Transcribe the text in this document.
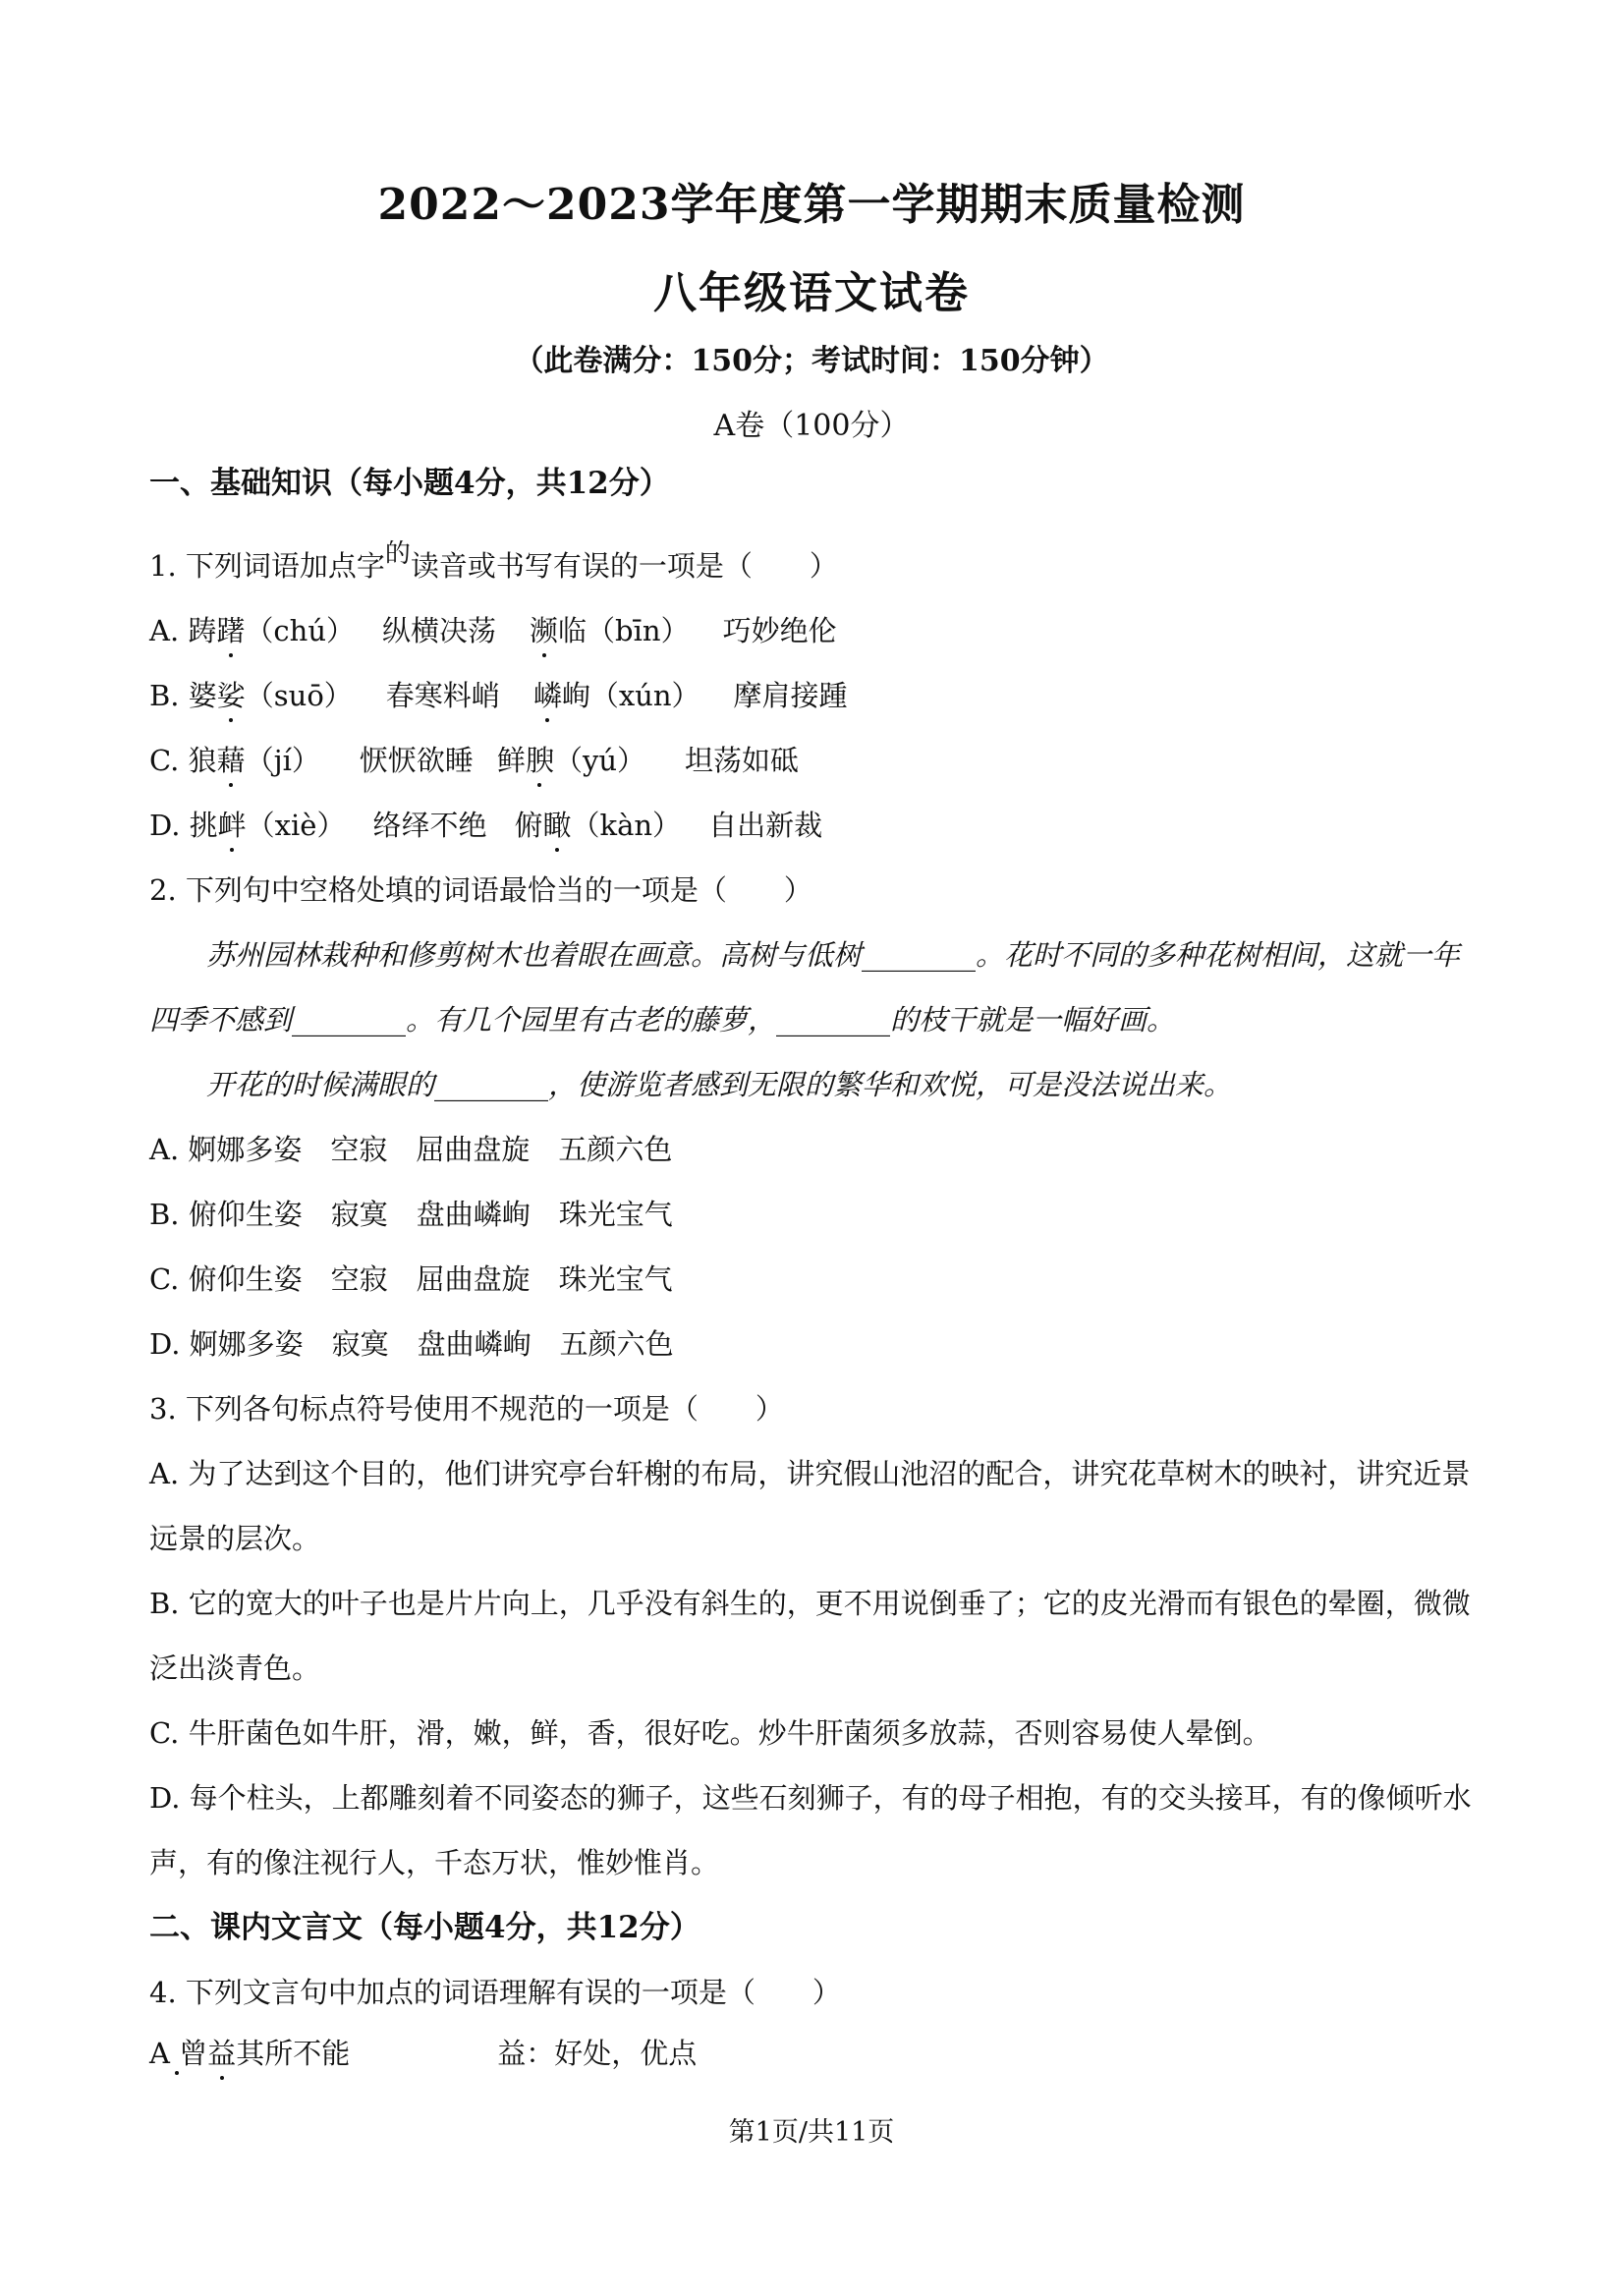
2022～2023学年度第一学期期末质量检测
八年级语文试卷
（此卷满分：150分；考试时间：150分钟）
A卷（100分）
一、基础知识（每小题4分，共12分）
1. 下列词语加点字的读音或书写有误的一项是（　　）
A. 踌躇（chú） 纵横决荡 濒临（bīn） 巧妙绝伦
B. 婆娑（suō） 春寒料峭 嶙峋（xún） 摩肩接踵
C. 狼藉（jí） 恹恹欲睡 鲜腴（yú） 坦荡如砥
D. 挑衅（xiè） 络绎不绝 俯瞰（kàn） 自出新裁
2. 下列句中空格处填的词语最恰当的一项是（　　）
苏州园林栽种和修剪树木也着眼在画意。高树与低树________。花时不同的多种花树相间，这就一年
四季不感到________。有几个园里有古老的藤萝，________的枝干就是一幅好画。
开花的时候满眼的________，使游览者感到无限的繁华和欢悦，可是没法说出来。
A. 婀娜多姿　空寂　屈曲盘旋　五颜六色
B. 俯仰生姿　寂寞　盘曲嶙峋　珠光宝气
C. 俯仰生姿　空寂　屈曲盘旋　珠光宝气
D. 婀娜多姿　寂寞　盘曲嶙峋　五颜六色
3. 下列各句标点符号使用不规范的一项是（　　）
A. 为了达到这个目的，他们讲究亭台轩榭的布局，讲究假山池沼的配合，讲究花草树木的映衬，讲究近景
远景的层次。
B. 它的宽大的叶子也是片片向上，几乎没有斜生的，更不用说倒垂了；它的皮光滑而有银色的晕圈，微微
泛出淡青色。
C. 牛肝菌色如牛肝，滑，嫩，鲜，香，很好吃。炒牛肝菌须多放蒜，否则容易使人晕倒。
D. 每个柱头，上都雕刻着不同姿态的狮子，这些石刻狮子，有的母子相抱，有的交头接耳，有的像倾听水
声，有的像注视行人，千态万状，惟妙惟肖。
二、课内文言文（每小题4分，共12分）
4. 下列文言句中加点的词语理解有误的一项是（　　）
A 曾益其所不能	益：好处，优点
第1页/共11页
